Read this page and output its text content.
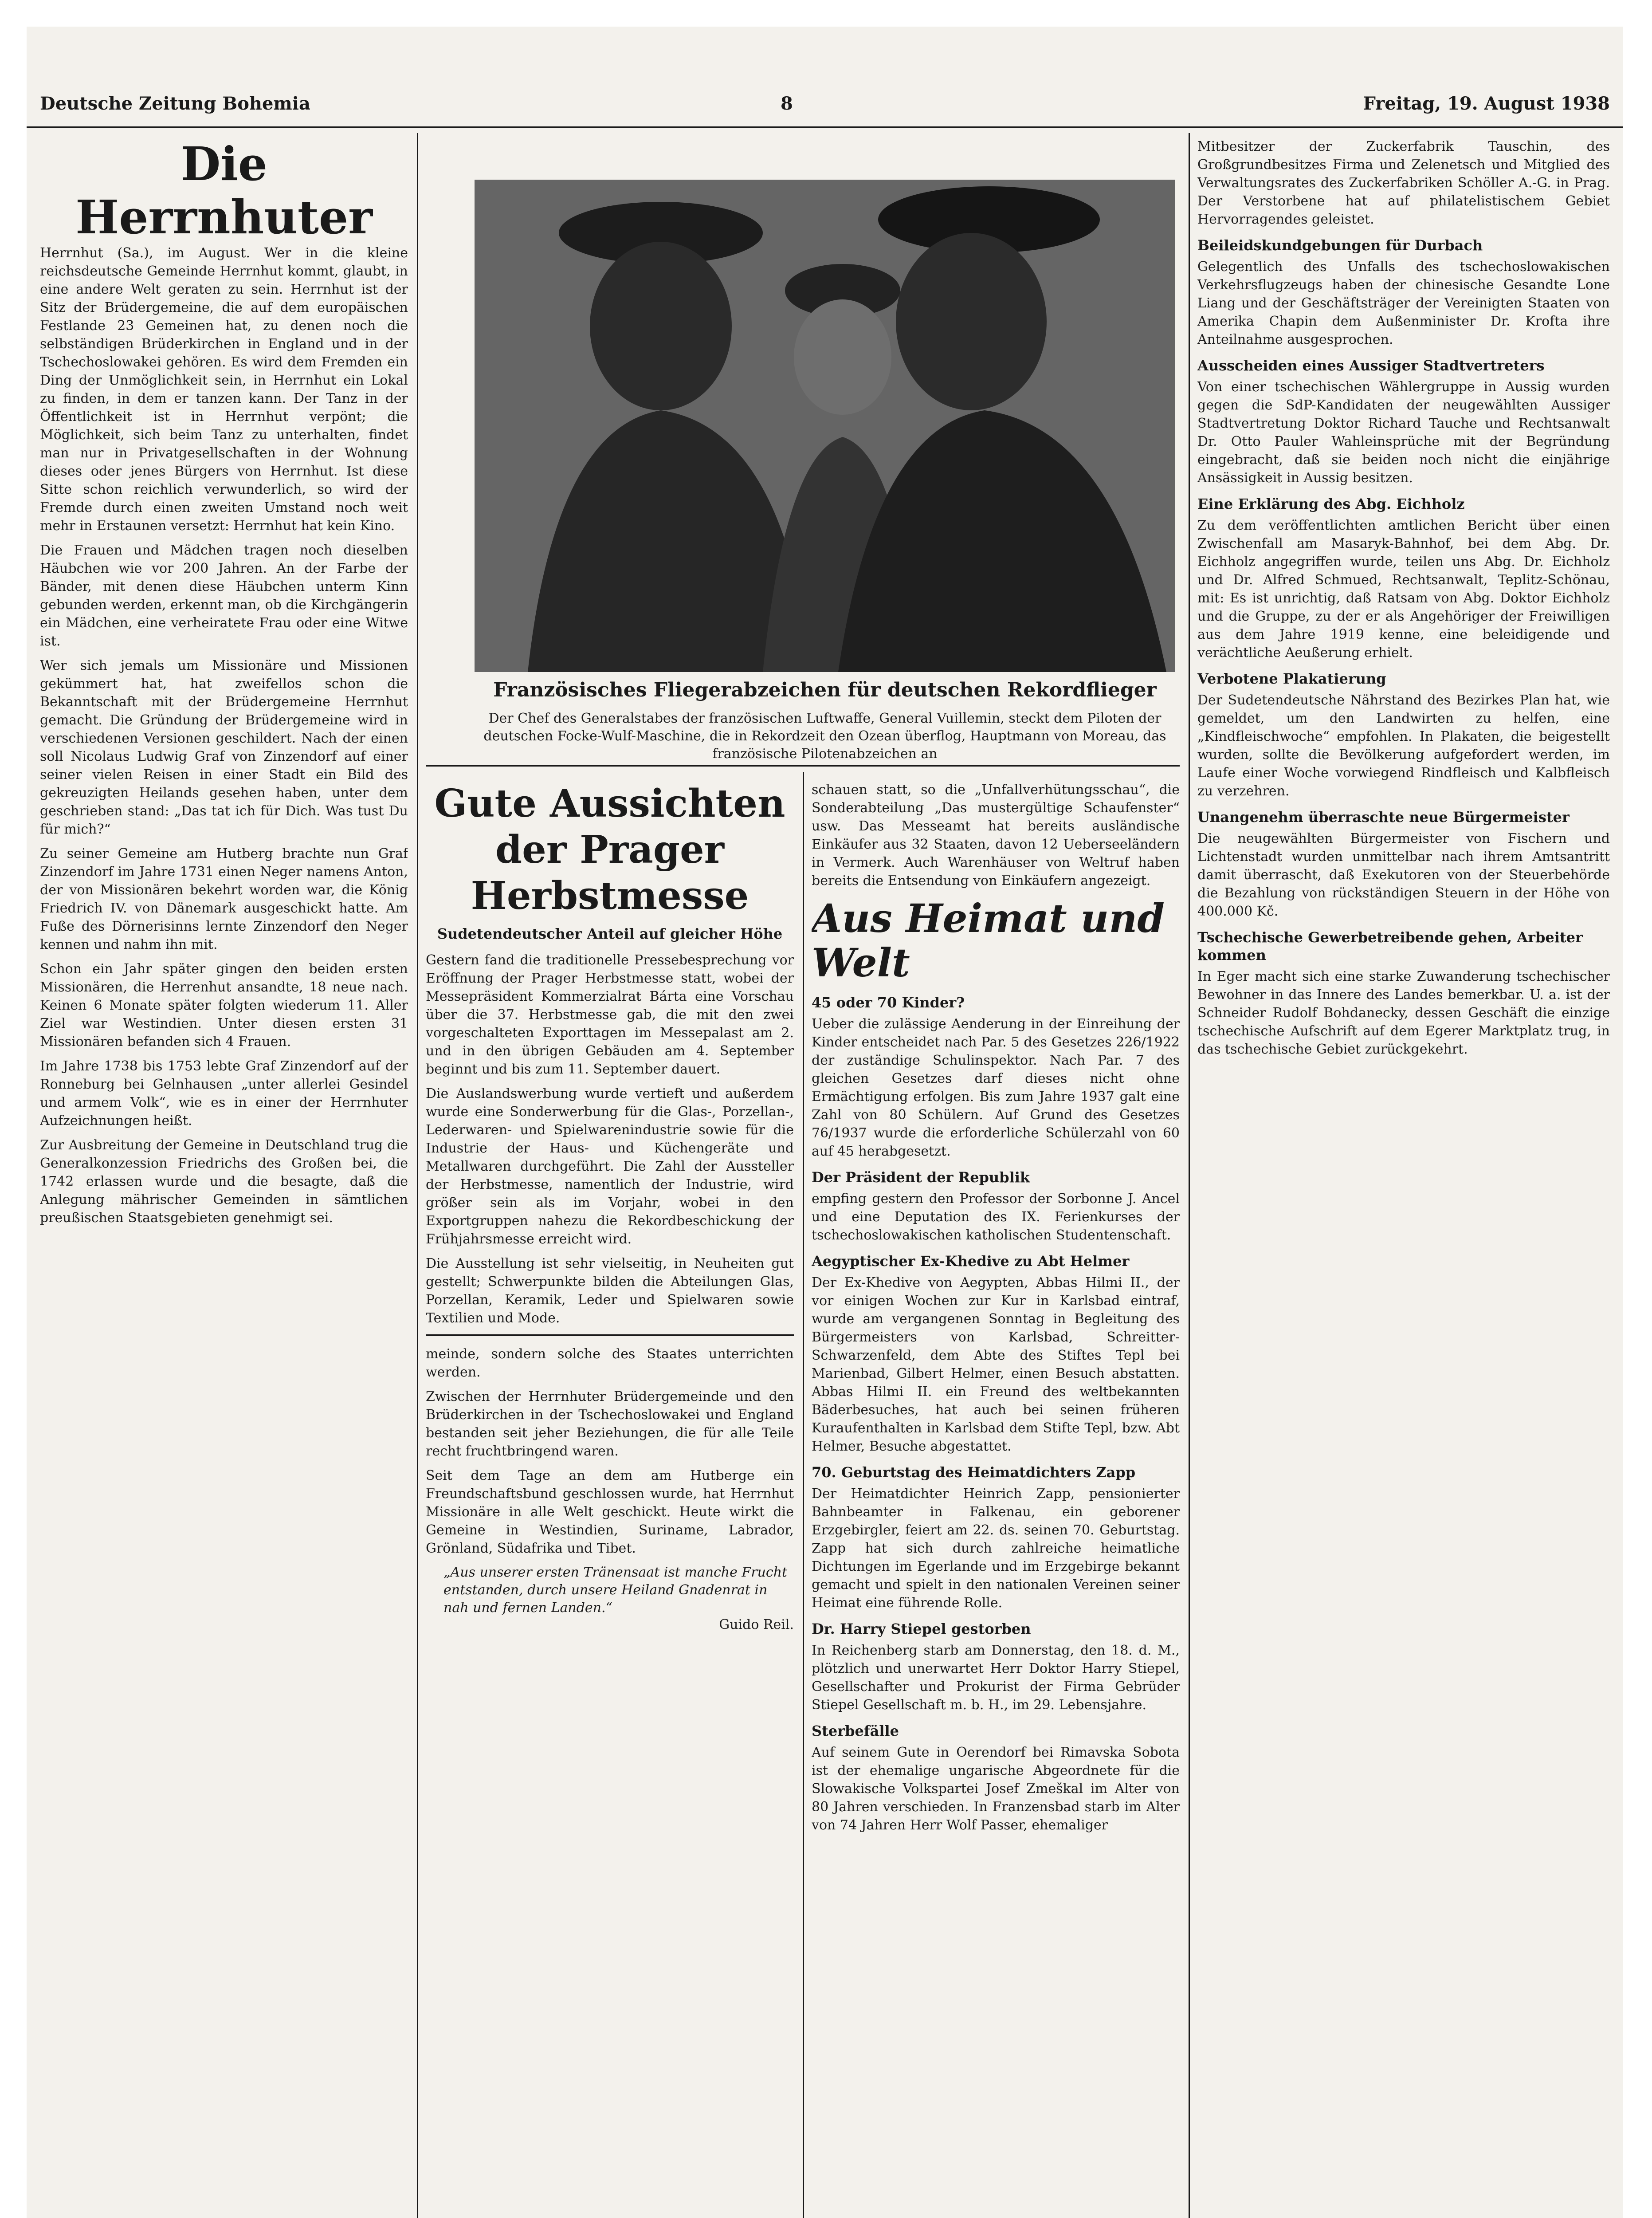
Deutsche Zeitung Bohemia	8	Freitag, 19. August 1938
Die Herrnhuter

Herrnhut (Sa.), im August. Wer in die kleine reichsdeutsche Gemeinde Herrnhut kommt, glaubt, in eine andere Welt geraten zu sein. Herrnhut ist der Sitz der Brüdergemeine, die auf dem europäischen Festlande 23 Gemeinen hat, zu denen noch die selbständigen Brüderkirchen in England und in der Tschechoslowakei gehören. Es wird dem Fremden ein Ding der Unmöglichkeit sein, in Herrnhut ein Lokal zu finden, in dem er tanzen kann. Der Tanz in der Öffentlichkeit ist in Herrnhut verpönt; die Möglichkeit, sich beim Tanz zu unterhalten, findet man nur in Privatgesellschaften in der Wohnung dieses oder jenes Bürgers von Herrnhut. Ist diese Sitte schon reichlich verwunderlich, so wird der Fremde durch einen zweiten Umstand noch weit mehr in Erstaunen versetzt: Herrnhut hat kein Kino.

Die Frauen und Mädchen tragen noch dieselben Häubchen wie vor 200 Jahren. An der Farbe der Bänder, mit denen diese Häubchen unterm Kinn gebunden werden, erkennt man, ob die Kirchgängerin ein Mädchen, eine verheiratete Frau oder eine Witwe ist.

Wer sich jemals um Missionäre und Missionen gekümmert hat, hat zweifellos schon die Bekanntschaft mit der Brüdergemeine Herrnhut gemacht. Die Gründung der Brüdergemeine wird in verschiedenen Versionen geschildert. Nach der einen soll Nicolaus Ludwig Graf von Zinzendorf auf einer seiner vielen Reisen in einer Stadt ein Bild des gekreuzigten Heilands gesehen haben, unter dem geschrieben stand: „Das tat ich für Dich. Was tust Du für mich?“

Zu seiner Gemeine am Hutberg brachte nun Graf Zinzendorf im Jahre 1731 einen Neger namens Anton, der von Missionären bekehrt worden war, die König Friedrich IV. von Dänemark ausgeschickt hatte. Am Fuße des Dörnerisinns lernte Zinzendorf den Neger kennen und nahm ihn mit.

Schon ein Jahr später gingen den beiden ersten Missionären, die Herrenhut ansandte, 18 neue nach. Keinen 6 Monate später folgten wiederum 11. Aller Ziel war Westindien. Unter diesen ersten 31 Missionären befanden sich 4 Frauen.

Im Jahre 1738 bis 1753 lebte Graf Zinzendorf auf der Ronneburg bei Gelnhausen „unter allerlei Gesindel und armem Volk“, wie es in einer der Herrnhuter Aufzeichnungen heißt.

Zur Ausbreitung der Gemeine in Deutschland trug die Generalkonzession Friedrichs des Großen bei, die 1742 erlassen wurde und die besagte, daß die Anlegung mährischer Gemeinden in sämtlichen preußischen Staatsgebieten genehmigt sei.

Französisches Fliegerabzeichen für deutschen Rekordflieger
Der Chef des Generalstabes der französischen Luftwaffe, General Vuillemin, steckt dem Piloten der deutschen Focke-Wulf-Maschine, die in Rekordzeit den Ozean überflog, Hauptmann von Moreau, das französische Pilotenabzeichen an
Gute Aussichten der Prager Herbstmesse
Sudetendeutscher Anteil auf gleicher Höhe

Gestern fand die traditionelle Pressebesprechung vor Eröffnung der Prager Herbstmesse statt, wobei der Messepräsident Kommerzialrat Bárta eine Vorschau über die 37. Herbstmesse gab, die mit den zwei vorgeschalteten Exporttagen im Messepalast am 2. und in den übrigen Gebäuden am 4. September beginnt und bis zum 11. September dauert.

Die Auslandswerbung wurde vertieft und außerdem wurde eine Sonderwerbung für die Glas-, Porzellan-, Lederwaren- und Spielwarenindustrie sowie für die Industrie der Haus- und Küchengeräte und Metallwaren durchgeführt. Die Zahl der Aussteller der Herbstmesse, namentlich der Industrie, wird größer sein als im Vorjahr, wobei in den Exportgruppen nahezu die Rekordbeschickung der Frühjahrsmesse erreicht wird.

Die Ausstellung ist sehr vielseitig, in Neuheiten gut gestellt; Schwerpunkte bilden die Abteilungen Glas, Porzellan, Keramik, Leder und Spielwaren sowie Textilien und Mode.

meinde, sondern solche des Staates unterrichten werden.

Zwischen der Herrnhuter Brüdergemeinde und den Brüderkirchen in der Tschechoslowakei und England bestanden seit jeher Beziehungen, die für alle Teile recht fruchtbringend waren.

Seit dem Tage an dem am Hutberge ein Freundschaftsbund geschlossen wurde, hat Herrnhut Missionäre in alle Welt geschickt. Heute wirkt die Gemeine in Westindien, Suriname, Labrador, Grönland, Südafrika und Tibet.

„Aus unserer ersten Tränensaat ist manche Frucht entstanden, durch unsere Heiland Gnadenrat in nah und fernen Landen.“
Guido Reil.

schauen statt, so die „Unfallverhütungsschau“, die Sonderabteilung „Das mustergültige Schaufenster“ usw. Das Messeamt hat bereits ausländische Einkäufer aus 32 Staaten, davon 12 Ueberseeländern in Vermerk. Auch Warenhäuser von Weltruf haben bereits die Entsendung von Einkäufern angezeigt.

Aus Heimat und Welt
45 oder 70 Kinder?

Ueber die zulässige Aenderung in der Einreihung der Kinder entscheidet nach Par. 5 des Gesetzes 226/1922 der zuständige Schulinspektor. Nach Par. 7 des gleichen Gesetzes darf dieses nicht ohne Ermächtigung erfolgen. Bis zum Jahre 1937 galt eine Zahl von 80 Schülern. Auf Grund des Gesetzes 76/1937 wurde die erforderliche Schülerzahl von 60 auf 45 herabgesetzt.

Der Präsident der Republik

empfing gestern den Professor der Sorbonne J. Ancel und eine Deputation des IX. Ferienkurses der tschechoslowakischen katholischen Studentenschaft.

Aegyptischer Ex-Khedive zu Abt Helmer

Der Ex-Khedive von Aegypten, Abbas Hilmi II., der vor einigen Wochen zur Kur in Karlsbad eintraf, wurde am vergangenen Sonntag in Begleitung des Bürgermeisters von Karlsbad, Schreitter-Schwarzenfeld, dem Abte des Stiftes Tepl bei Marienbad, Gilbert Helmer, einen Besuch abstatten. Abbas Hilmi II. ein Freund des weltbekannten Bäderbesuches, hat auch bei seinen früheren Kuraufenthalten in Karlsbad dem Stifte Tepl, bzw. Abt Helmer, Besuche abgestattet.

70. Geburtstag des Heimatdichters Zapp

Der Heimatdichter Heinrich Zapp, pensionierter Bahnbeamter in Falkenau, ein geborener Erzgebirgler, feiert am 22. ds. seinen 70. Geburtstag. Zapp hat sich durch zahlreiche heimatliche Dichtungen im Egerlande und im Erzgebirge bekannt gemacht und spielt in den nationalen Vereinen seiner Heimat eine führende Rolle.

Dr. Harry Stiepel gestorben

In Reichenberg starb am Donnerstag, den 18. d. M., plötzlich und unerwartet Herr Doktor Harry Stiepel, Gesellschafter und Prokurist der Firma Gebrüder Stiepel Gesellschaft m. b. H., im 29. Lebensjahre.

Sterbefälle

Auf seinem Gute in Oerendorf bei Rimavska Sobota ist der ehemalige ungarische Abgeordnete für die Slowakische Volkspartei Josef Zmeškal im Alter von 80 Jahren verschieden. In Franzensbad starb im Alter von 74 Jahren Herr Wolf Passer, ehemaliger

Mitbesitzer der Zuckerfabrik Tauschin, des Großgrundbesitzes Firma und Zelenetsch und Mitglied des Verwaltungsrates des Zuckerfabriken Schöller A.-G. in Prag. Der Verstorbene hat auf philatelistischem Gebiet Hervorragendes geleistet.

Beileidskundgebungen für Durbach

Gelegentlich des Unfalls des tschechoslowakischen Verkehrsflugzeugs haben der chinesische Gesandte Lone Liang und der Geschäftsträger der Vereinigten Staaten von Amerika Chapin dem Außenminister Dr. Krofta ihre Anteilnahme ausgesprochen.

Ausscheiden eines Aussiger Stadtvertreters

Von einer tschechischen Wählergruppe in Aussig wurden gegen die SdP-Kandidaten der neugewählten Aussiger Stadtvertretung Doktor Richard Tauche und Rechtsanwalt Dr. Otto Pauler Wahleinsprüche mit der Begründung eingebracht, daß sie beiden noch nicht die einjährige Ansässigkeit in Aussig besitzen.

Eine Erklärung des Abg. Eichholz

Zu dem veröffentlichten amtlichen Bericht über einen Zwischenfall am Masaryk-Bahnhof, bei dem Abg. Dr. Eichholz angegriffen wurde, teilen uns Abg. Dr. Eichholz und Dr. Alfred Schmued, Rechtsanwalt, Teplitz-Schönau, mit: Es ist unrichtig, daß Ratsam von Abg. Doktor Eichholz und die Gruppe, zu der er als Angehöriger der Freiwilligen aus dem Jahre 1919 kenne, eine beleidigende und verächtliche Aeußerung erhielt.

Verbotene Plakatierung

Der Sudetendeutsche Nährstand des Bezirkes Plan hat, wie gemeldet, um den Landwirten zu helfen, eine „Kindfleischwoche“ empfohlen. In Plakaten, die beigestellt wurden, sollte die Bevölkerung aufgefordert werden, im Laufe einer Woche vorwiegend Rindfleisch und Kalbfleisch zu verzehren.

Unangenehm überraschte neue Bürgermeister

Die neugewählten Bürgermeister von Fischern und Lichtenstadt wurden unmittelbar nach ihrem Amtsantritt damit überrascht, daß Exekutoren von der Steuerbehörde die Bezahlung von rückständigen Steuern in der Höhe von 400.000 Kč.

Tschechische Gewerbetreibende gehen, Arbeiter kommen

In Eger macht sich eine starke Zuwanderung tschechischer Bewohner in das Innere des Landes bemerkbar. U. a. ist der Schneider Rudolf Bohdanecky, dessen Geschäft die einzige tschechische Aufschrift auf dem Egerer Marktplatz trug, in das tschechische Gebiet zurückgekehrt.
